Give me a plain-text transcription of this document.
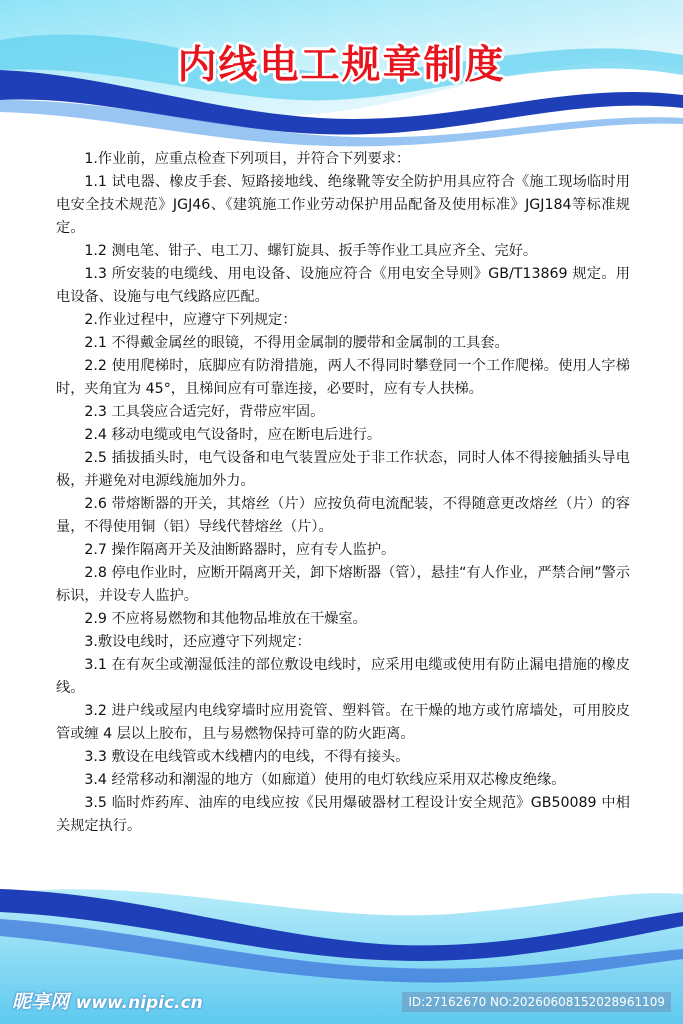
内线电工规章制度

1.作业前，应重点检查下列项目，并符合下列要求：

1.1 试电器、橡皮手套、短路接地线、绝缘靴等安全防护用具应符合《施工现场临时用电安全技术规范》JGJ46、《建筑施工作业劳动保护用品配备及使用标准》JGJ184等标准规定。

1.2 测电笔、钳子、电工刀、螺钉旋具、扳手等作业工具应齐全、完好。

1.3 所安装的电缆线、用电设备、设施应符合《用电安全导则》GB/T13869 规定。用电设备、设施与电气线路应匹配。

2.作业过程中，应遵守下列规定：

2.1 不得戴金属丝的眼镜，不得用金属制的腰带和金属制的工具套。

2.2 使用爬梯时，底脚应有防滑措施，两人不得同时攀登同一个工作爬梯。使用人字梯时，夹角宜为 45°，且梯间应有可靠连接，必要时，应有专人扶梯。

2.3 工具袋应合适完好，背带应牢固。

2.4 移动电缆或电气设备时，应在断电后进行。

2.5 插拔插头时，电气设备和电气装置应处于非工作状态，同时人体不得接触插头导电极，并避免对电源线施加外力。

2.6 带熔断器的开关，其熔丝（片）应按负荷电流配装，不得随意更改熔丝（片）的容量，不得使用铜（铝）导线代替熔丝（片）。

2.7 操作隔离开关及油断路器时，应有专人监护。

2.8 停电作业时，应断开隔离开关，卸下熔断器（管），悬挂“有人作业，严禁合闸”警示标识，并设专人监护。

2.9 不应将易燃物和其他物品堆放在干燥室。

3.敷设电线时，还应遵守下列规定：

3.1 在有灰尘或潮湿低洼的部位敷设电线时，应采用电缆或使用有防止漏电措施的橡皮线。

3.2 进户线或屋内电线穿墙时应用瓷管、塑料管。在干燥的地方或竹席墙处，可用胶皮管或缠 4 层以上胶布，且与易燃物保持可靠的防火距离。

3.3 敷设在电线管或木线槽内的电线，不得有接头。

3.4 经常移动和潮湿的地方（如廊道）使用的电灯软线应采用双芯橡皮绝缘。

3.5 临时炸药库、油库的电线应按《民用爆破器材工程设计安全规范》GB50089 中相关规定执行。

昵享网 www.nipic.cn	ID:27162670 NO:20260608152028961109
